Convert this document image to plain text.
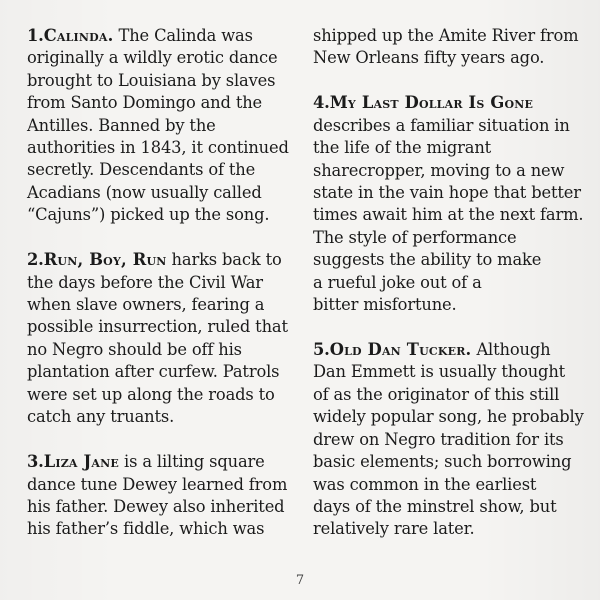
1.Calinda. The Calinda was
originally a wildly erotic dance
brought to Louisiana by slaves
from Santo Domingo and the
Antilles. Banned by the
authorities in 1843, it continued
secretly. Descendants of the
Acadians (now usually called
“Cajuns”) picked up the song.
2.Run, Boy, Run harks back to
the days before the Civil War
when slave owners, fearing a
possible insurrection, ruled that
no Negro should be off his
plantation after curfew. Patrols
were set up along the roads to
catch any truants.
3.Liza Jane is a lilting square
dance tune Dewey learned from
his father. Dewey also inherited
his father’s fiddle, which was
shipped up the Amite River from
New Orleans fifty years ago.
4.My Last Dollar Is Gone
describes a familiar situation in
the life of the migrant
sharecropper, moving to a new
state in the vain hope that better
times await him at the next farm.
The style of performance
suggests the ability to make
a rueful joke out of a
bitter misfortune.
5.Old Dan Tucker. Although
Dan Emmett is usually thought
of as the originator of this still
widely popular song, he probably
drew on Negro tradition for its
basic elements; such borrowing
was common in the earliest
days of the minstrel show, but
relatively rare later.
7
